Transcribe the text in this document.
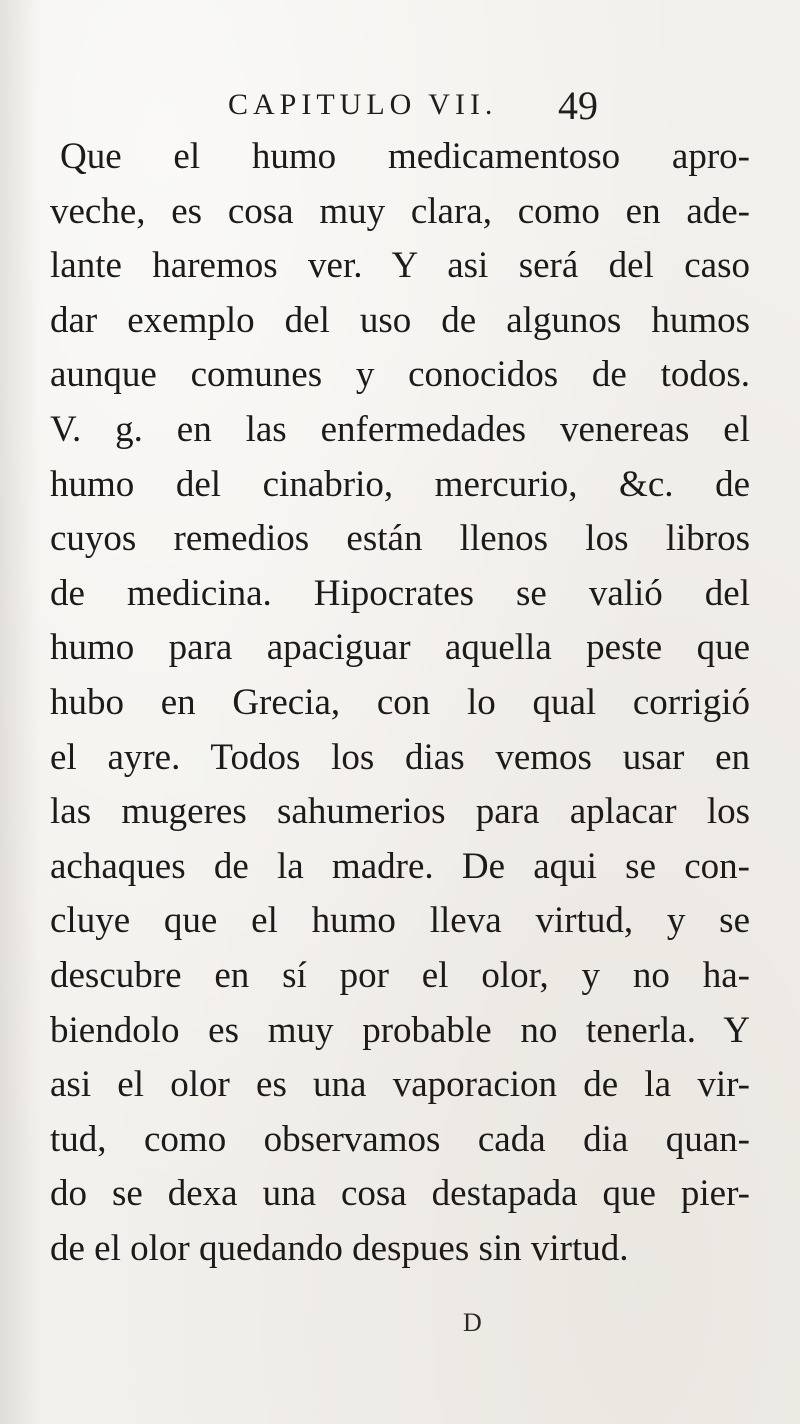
CAPITULO VII. 49
Que el humo medicamentoso apro-
veche, es cosa muy clara, como en ade-
lante haremos ver. Y asi será del caso
dar exemplo del uso de algunos humos
aunque comunes y conocidos de todos.
V. g. en las enfermedades venereas el
humo del cinabrio, mercurio, &c. de
cuyos remedios están llenos los libros
de medicina. Hipocrates se valió del
humo para apaciguar aquella peste que
hubo en Grecia, con lo qual corrigió
el ayre. Todos los dias vemos usar en
las mugeres sahumerios para aplacar los
achaques de la madre. De aqui se con-
cluye que el humo lleva virtud, y se
descubre en sí por el olor, y no ha-
biendolo es muy probable no tenerla. Y
asi el olor es una vaporacion de la vir-
tud, como observamos cada dia quan-
do se dexa una cosa destapada que pier-
de el olor quedando despues sin virtud.
D
